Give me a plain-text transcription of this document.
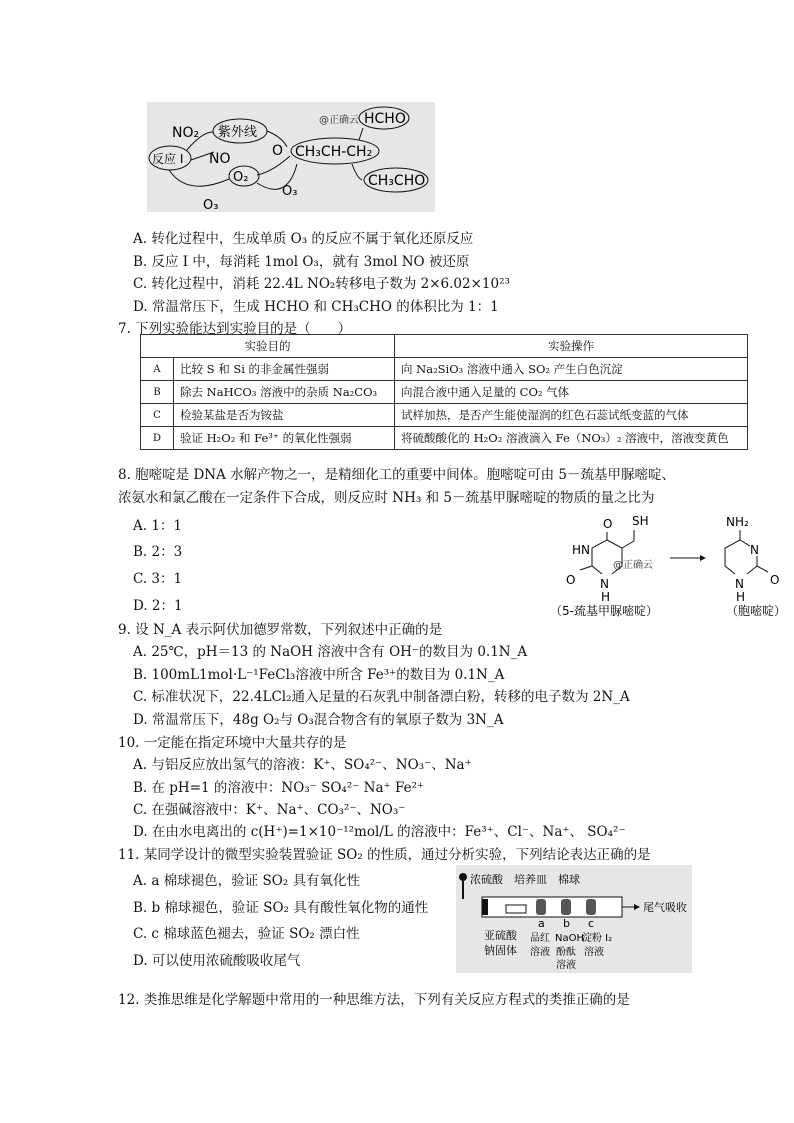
NO₂ 紫外线
反应 I NO	O
O₂
O₃
O₃
CH₃CH-CH₂
@正确云 HCHO
CH₃CHO
A. 转化过程中，生成单质 O₃ 的反应不属于氧化还原反应
B. 反应 I 中，每消耗 1mol O₃，就有 3mol NO 被还原
C. 转化过程中，消耗 22.4L NO₂转移电子数为 2×6.02×10²³
D. 常温常压下，生成 HCHO 和 CH₃CHO 的体积比为 1：1
7. 下列实验能达到实验目的是（　　）
实验目的		实验操作
A	比较 S 和 Si 的非金属性强弱	向 Na₂SiO₃ 溶液中通入 SO₂ 产生白色沉淀
B	除去 NaHCO₃ 溶液中的杂质 Na₂CO₃	向混合液中通入足量的 CO₂ 气体
C	检验某盐是否为铵盐	试样加热，是否产生能使湿润的红色石蕊试纸变蓝的气体
D	验证 H₂O₂ 和 Fe³⁺ 的氧化性强弱	将硫酸酸化的 H₂O₂ 溶液滴入 Fe（NO₃）₂ 溶液中，溶液变黄色
8. 胞嘧啶是 DNA 水解产物之一，是精细化工的重要中间体。胞嘧啶可由 5－巯基甲脲嘧啶、
浓氨水和氯乙酸在一定条件下合成，则反应时 NH₃ 和 5－巯基甲脲嘧啶的物质的量之比为
A. 1：1
B. 2：3
C. 3：1
D. 2：1
O SH
HN
O N
H
@正确云
NH₂
N
O
N
H
（5-巯基甲脲嘧啶）	（胞嘧啶）
9. 设 N_A 表示阿伏加德罗常数，下列叙述中正确的是
A. 25℃，pH＝13 的 NaOH 溶液中含有 OH⁻的数目为 0.1N_A
B. 100mL1mol·L⁻¹FeCl₃溶液中所含 Fe³⁺的数目为 0.1N_A
C. 标准状况下，22.4LCl₂通入足量的石灰乳中制备漂白粉，转移的电子数为 2N_A
D. 常温常压下，48g O₂与 O₃混合物含有的氧原子数为 3N_A
10. 一定能在指定环境中大量共存的是
A. 与铝反应放出氢气的溶液：K⁺、SO₄²⁻、NO₃⁻、Na⁺
B. 在 pH=1 的溶液中：NO₃⁻ SO₄²⁻ Na⁺ Fe²⁺
C. 在强碱溶液中：K⁺、Na⁺、CO₃²⁻、NO₃⁻
D. 在由水电离出的 c(H⁺)=1×10⁻¹²mol/L 的溶液中：Fe³⁺、Cl⁻、Na⁺、 SO₄²⁻
11. 某同学设计的微型实验装置验证 SO₂ 的性质，通过分析实验，下列结论表达正确的是
A. a 棉球褪色，验证 SO₂ 具有氧化性
B. b 棉球褪色，验证 SO₂ 具有酸性氧化物的通性
C. c 棉球蓝色褪去，验证 SO₂ 漂白性
D. 可以使用浓硫酸吸收尾气
浓硫酸 培养皿 棉球
尾气吸收
亚硫酸
钠固体
a b c
品红
溶液
NaOH
酚酞
溶液
淀粉 I₂
溶液
12. 类推思维是化学解题中常用的一种思维方法，下列有关反应方程式的类推正确的是
